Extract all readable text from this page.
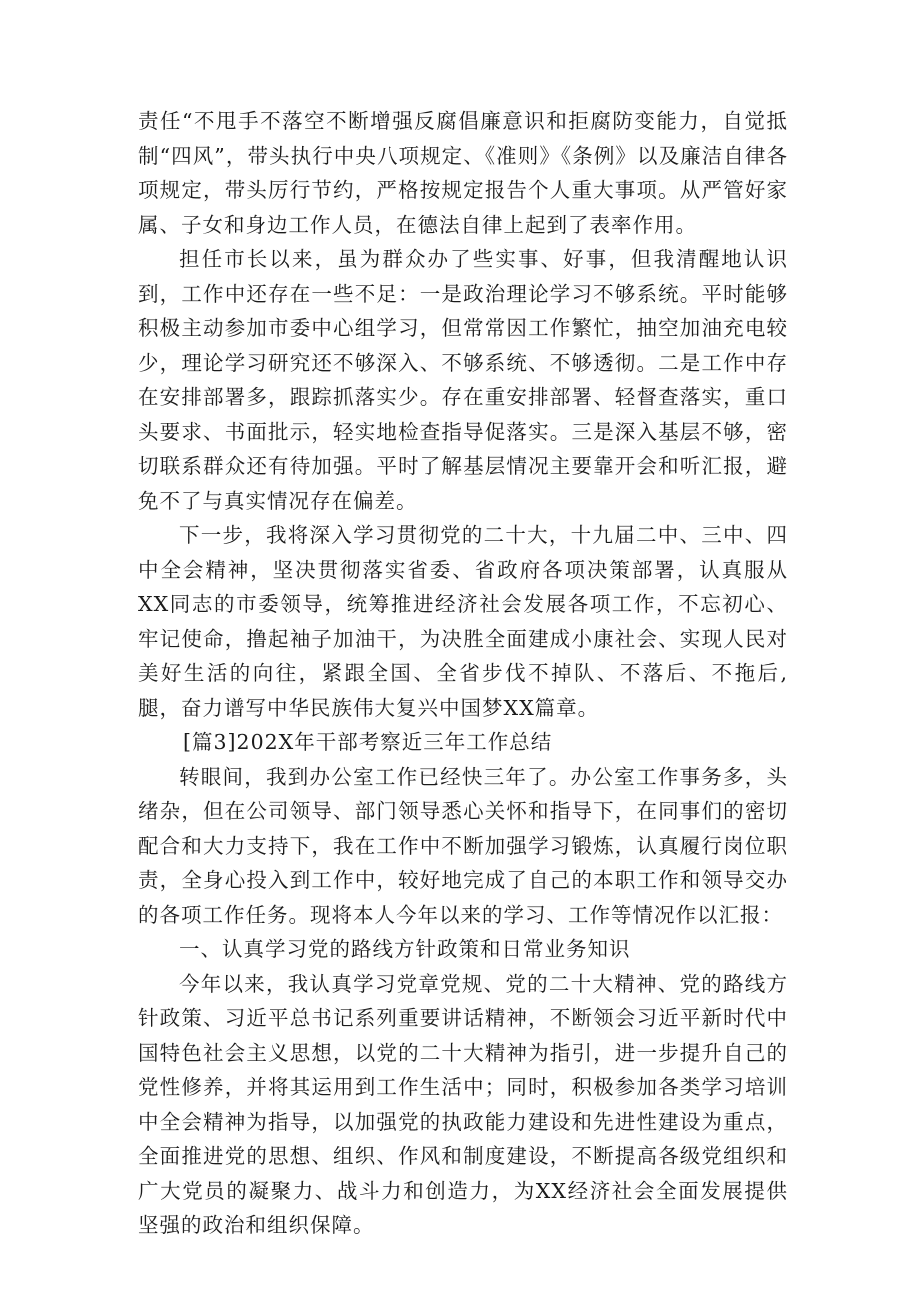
责任“不甩手不落空不断增强反腐倡廉意识和拒腐防变能力，自觉抵制“四风”，带头执行中央八项规定、《准则》《条例》以及廉洁自律各项规定，带头厉行节约，严格按规定报告个人重大事项。从严管好家属、子女和身边工作人员，在德法自律上起到了表率作用。

担任市长以来，虽为群众办了些实事、好事，但我清醒地认识到，工作中还存在一些不足：一是政治理论学习不够系统。平时能够积极主动参加市委中心组学习，但常常因工作繁忙，抽空加油充电较少，理论学习研究还不够深入、不够系统、不够透彻。二是工作中存在安排部署多，跟踪抓落实少。存在重安排部署、轻督查落实，重口头要求、书面批示，轻实地检查指导促落实。三是深入基层不够，密切联系群众还有待加强。平时了解基层情况主要靠开会和听汇报，避免不了与真实情况存在偏差。

下一步，我将深入学习贯彻党的二十大，十九届二中、三中、四中全会精神，坚决贯彻落实省委、省政府各项决策部署，认真服从XX同志的市委领导，统筹推进经济社会发展各项工作，不忘初心、牢记使命，撸起袖子加油干，为决胜全面建成小康社会、实现人民对美好生活的向往，紧跟全国、全省步伐不掉队、不落后、不拖后,腿，奋力谱写中华民族伟大复兴中国梦XX篇章。

[篇3]202X年干部考察近三年工作总结

转眼间，我到办公室工作已经快三年了。办公室工作事务多，头绪杂，但在公司领导、部门领导悉心关怀和指导下，在同事们的密切配合和大力支持下，我在工作中不断加强学习锻炼，认真履行岗位职责，全身心投入到工作中，较好地完成了自己的本职工作和领导交办的各项工作任务。现将本人今年以来的学习、工作等情况作以汇报：

一、认真学习党的路线方针政策和日常业务知识

今年以来，我认真学习党章党规、党的二十大精神、党的路线方针政策、习近平总书记系列重要讲话精神，不断领会习近平新时代中国特色社会主义思想，以党的二十大精神为指引，进一步提升自己的党性修养，并将其运用到工作生活中；同时，积极参加各类学习培训中全会精神为指导，以加强党的执政能力建设和先进性建设为重点，全面推进党的思想、组织、作风和制度建设，不断提高各级党组织和广大党员的凝聚力、战斗力和创造力，为XX经济社会全面发展提供坚强的政治和组织保障。
